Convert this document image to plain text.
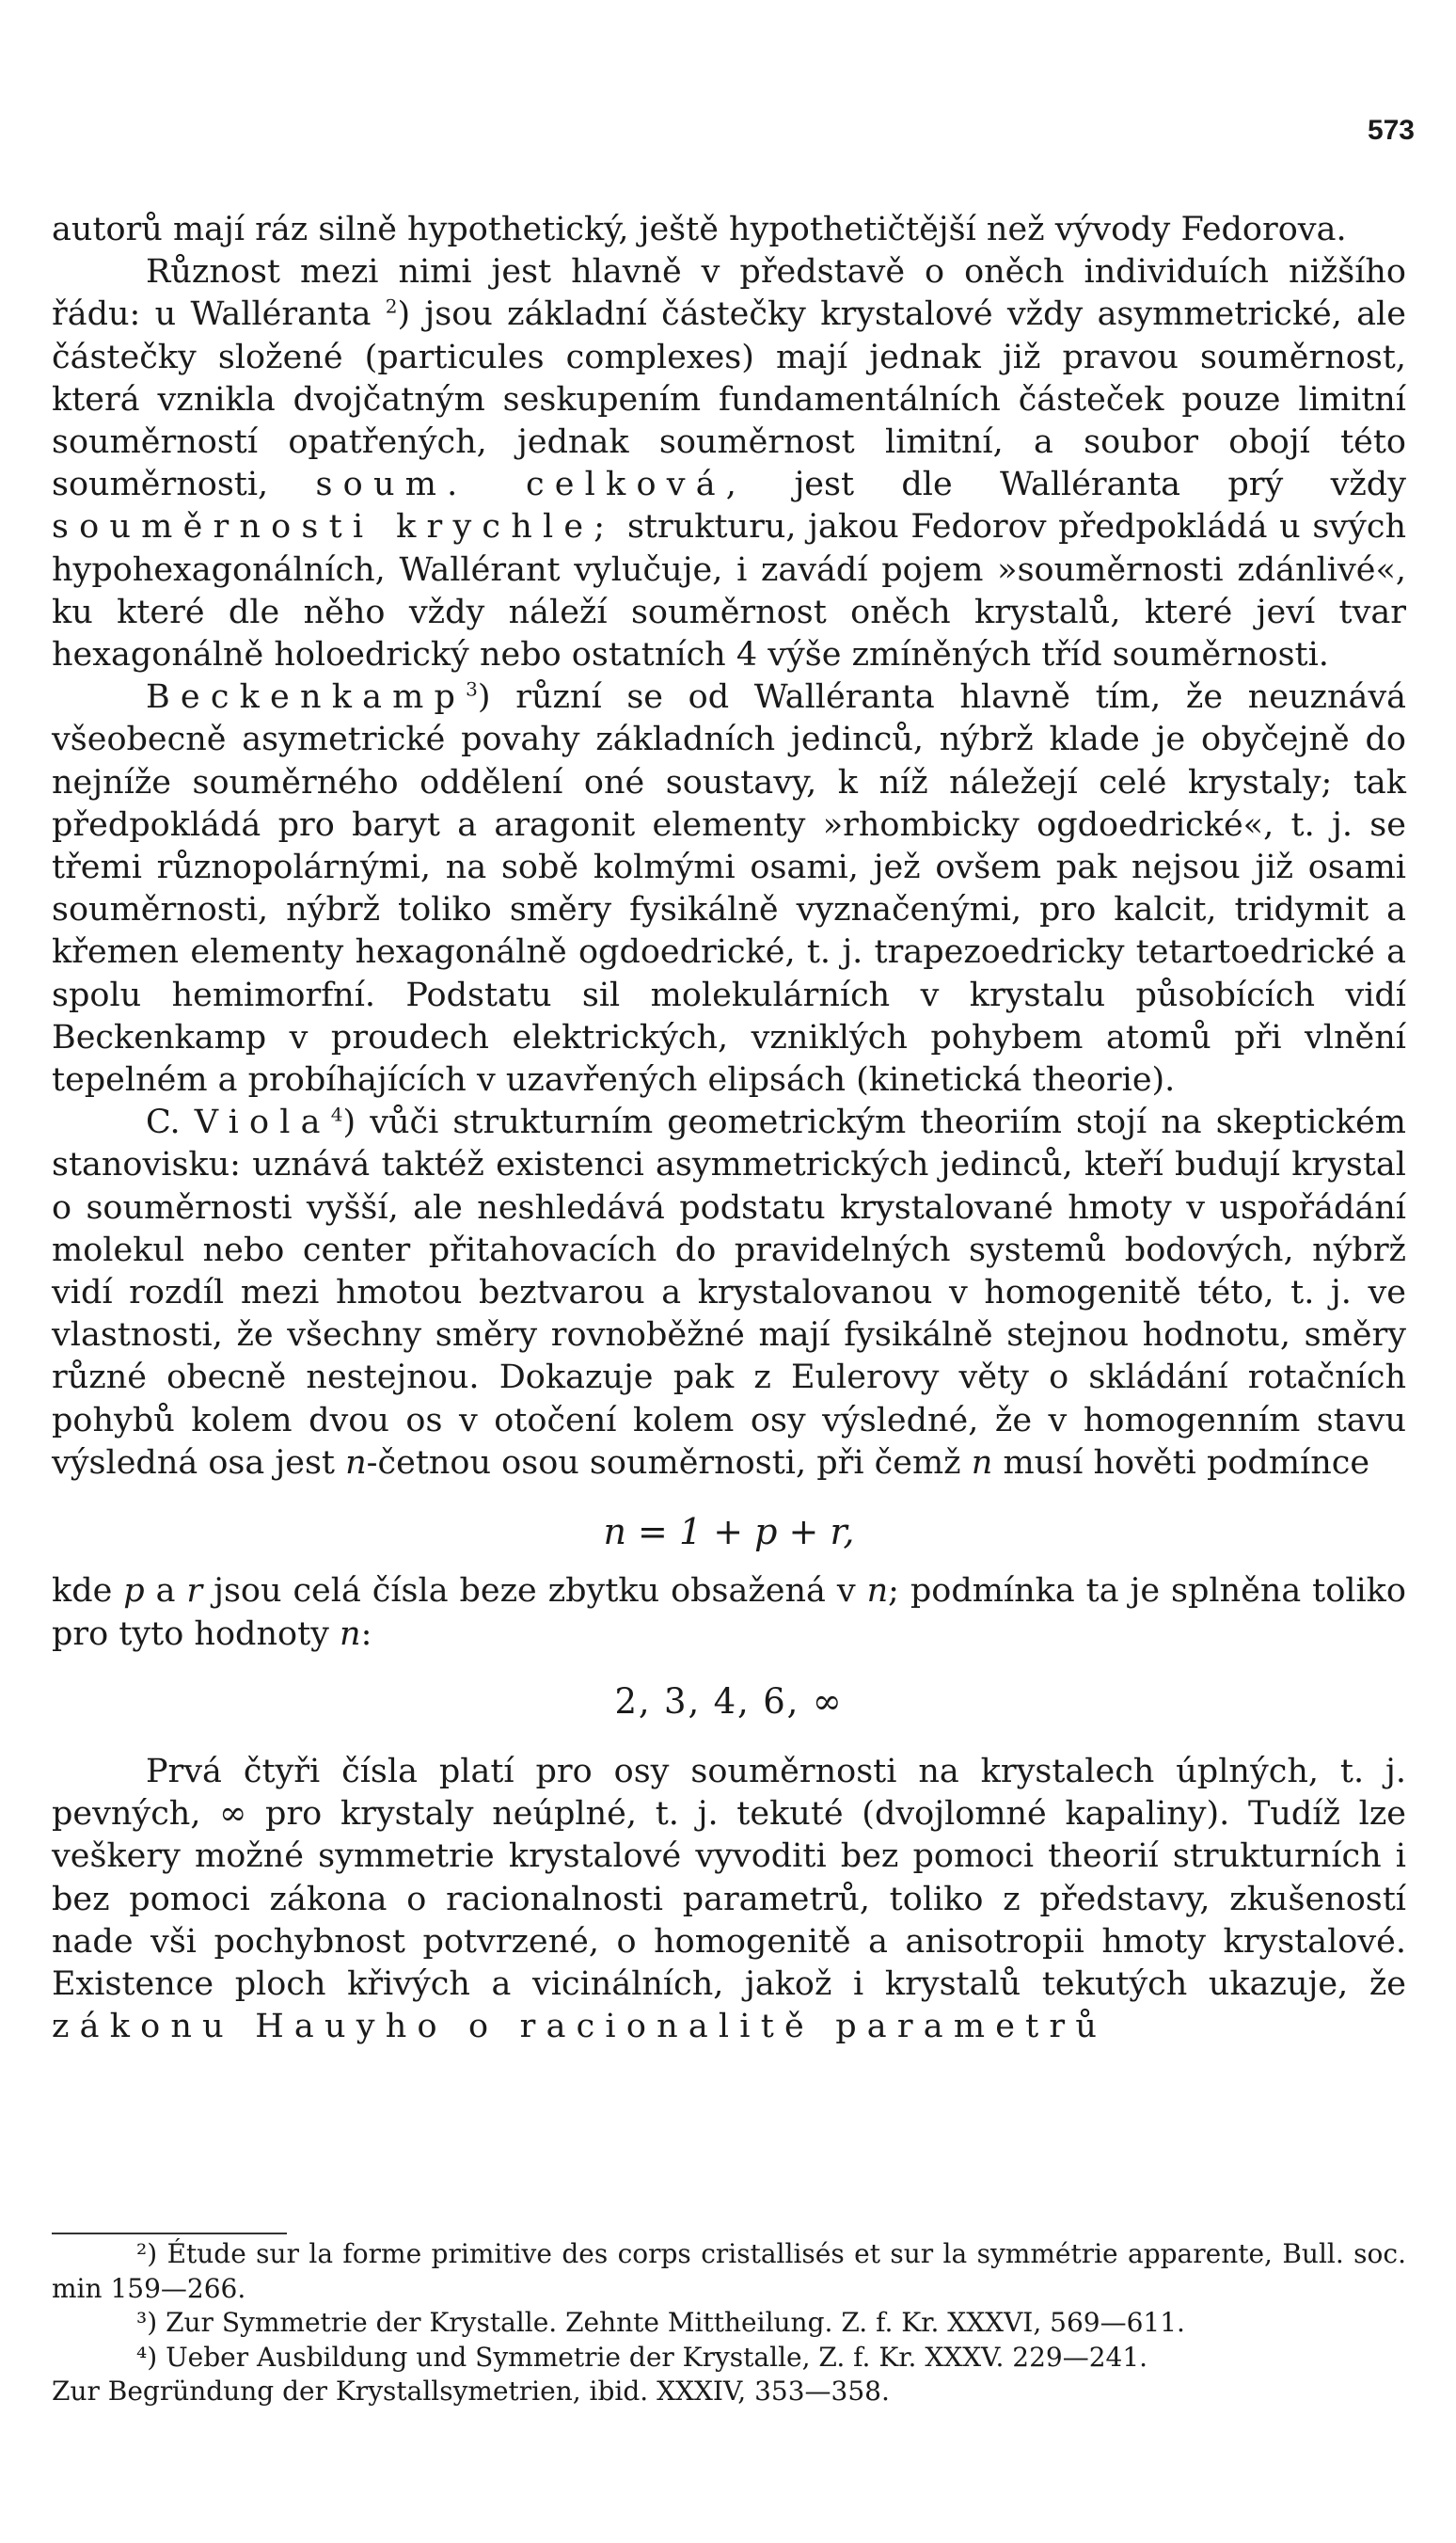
573

autorů mají ráz silně hypothetický, ještě hypothetičtější než vývody Fedorova.

Různost mezi nimi jest hlavně v představě o oněch individuích nižšího řádu: u Walléranta $^2$) jsou základní částečky krystalové vždy asymmetrické, ale částečky složené (particules complexes) mají jednak již pravou souměrnost, která vznikla dvojčatným seskupením fundamentálních částeček pouze limitní souměrností opatřených, jednak souměrnost limitní, a soubor obojí této souměrnosti, soum. celková, jest dle Walléranta prý vždy souměrnosti krychle; strukturu, jakou Fedorov předpokládá u svých hypohexagonálních, Wallérant vylučuje, i zavádí pojem »souměrnosti zdánlivé«, ku které dle něho vždy náleží souměrnost oněch krystalů, které jeví tvar hexagonálně holoedrický nebo ostatních 4 výše zmíněných tříd souměrnosti.

Beckenkamp$^3$) různí se od Walléranta hlavně tím, že neuznává všeobecně asymetrické povahy základních jedinců, nýbrž klade je obyčejně do nejníže souměrného oddělení oné soustavy, k níž náležejí celé krystaly; tak předpokládá pro baryt a aragonit elementy »rhombicky ogdoedrické«, t. j. se třemi různopolárnými, na sobě kolmými osami, jež ovšem pak nejsou již osami souměrnosti, nýbrž toliko směry fysikálně vyznačenými, pro kalcit, tridymit a křemen elementy hexagonálně ogdoedrické, t. j. trapezoedricky tetartoedrické a spolu hemimorfní. Podstatu sil molekulárních v krystalu působících vidí Beckenkamp v proudech elektrických, vzniklých pohybem atomů při vlnění tepelném a probíhajících v uzavřených elipsách (kinetická theorie).

C. Viola$^4$) vůči strukturním geometrickým theoriím stojí na skeptickém stanovisku: uznává taktéž existenci asymmetrických jedinců, kteří budují krystal o souměrnosti vyšší, ale neshledává podstatu krystalované hmoty v uspořádání molekul nebo center přitahovacích do pravidelných systemů bodových, nýbrž vidí rozdíl mezi hmotou beztvarou a krystalovanou v homogenitě této, t. j. ve vlastnosti, že všechny směry rovnoběžné mají fysikálně stejnou hodnotu, směry různé obecně nestejnou. Dokazuje pak z Eulerovy věty o skládání rotačních pohybů kolem dvou os v otočení kolem osy výsledné, že v homogenním stavu výsledná osa jest n-četnou osou souměrnosti, při čemž n musí hověti podmínce

n = 1 + p + r,

kde p a r jsou celá čísla beze zbytku obsažená v n; podmínka ta je splněna toliko pro tyto hodnoty n:

2, 3, 4, 6, ∞

Prvá čtyři čísla platí pro osy souměrnosti na krystalech úplných, t. j. pevných, ∞ pro krystaly neúplné, t. j. tekuté (dvojlomné kapaliny). Tudíž lze veškery možné symmetrie krystalové vyvoditi bez pomoci theorií strukturních i bez pomoci zákona o racionalnosti parametrů, toliko z představy, zkušeností nade vši pochybnost potvrzené, o homogenitě a anisotropii hmoty krystalové. Existence ploch křivých a vicinálních, jakož i krystalů tekutých ukazuje, že zákonu Hauyho o racionalitě parametrů

²) Étude sur la forme primitive des corps cristallisés et sur la symmétrie apparente, Bull. soc. min 159—266.

³) Zur Symmetrie der Krystalle. Zehnte Mittheilung. Z. f. Kr. XXXVI, 569—611.

⁴) Ueber Ausbildung und Symmetrie der Krystalle, Z. f. Kr. XXXV. 229—241.

Zur Begründung der Krystallsymetrien, ibid. XXXIV, 353—358.
